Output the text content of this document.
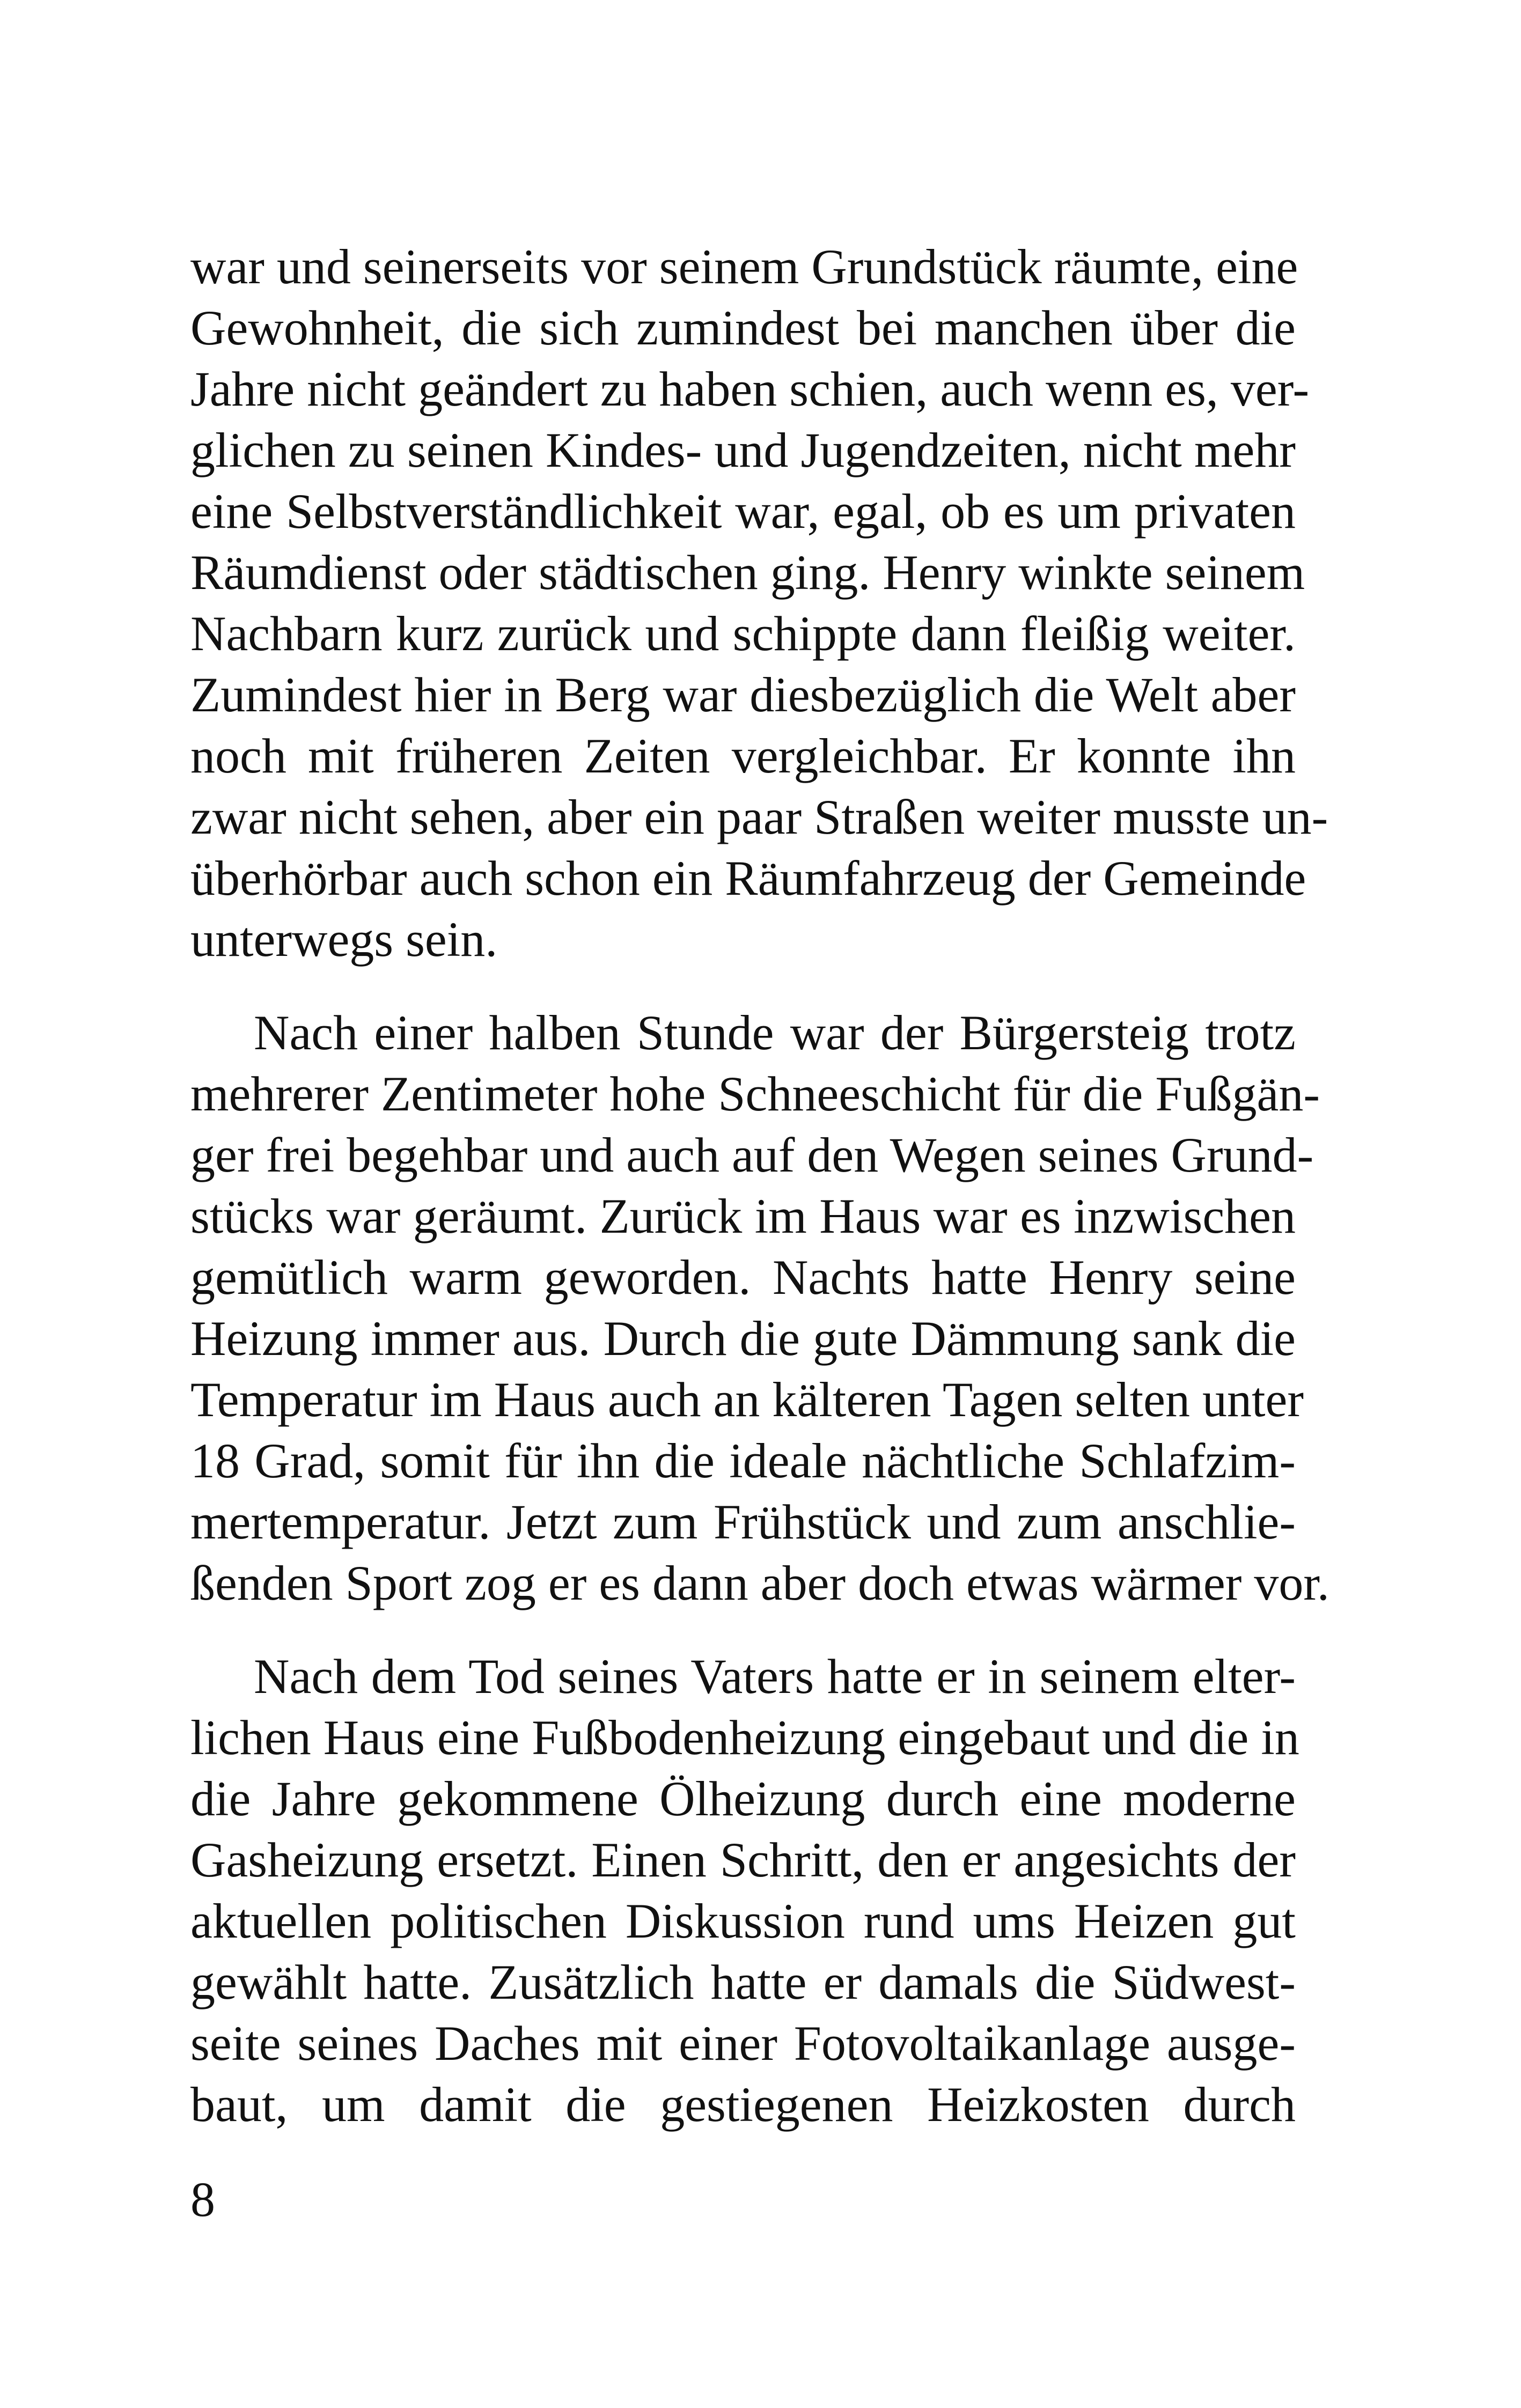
war und seinerseits vor seinem Grundstück räumte, eine
Gewohnheit, die sich zumindest bei manchen über die
Jahre nicht geändert zu haben schien, auch wenn es, ver-
glichen zu seinen Kindes- und Jugendzeiten, nicht mehr
eine Selbstverständlichkeit war, egal, ob es um privaten
Räumdienst oder städtischen ging. Henry winkte seinem
Nachbarn kurz zurück und schippte dann fleißig weiter.
Zumindest hier in Berg war diesbezüglich die Welt aber
noch mit früheren Zeiten vergleichbar. Er konnte ihn
zwar nicht sehen, aber ein paar Straßen weiter musste un-
überhörbar auch schon ein Räumfahrzeug der Gemeinde
unterwegs sein.
Nach einer halben Stunde war der Bürgersteig trotz
mehrerer Zentimeter hohe Schneeschicht für die Fußgän-
ger frei begehbar und auch auf den Wegen seines Grund-
stücks war geräumt. Zurück im Haus war es inzwischen
gemütlich warm geworden. Nachts hatte Henry seine
Heizung immer aus. Durch die gute Dämmung sank die
Temperatur im Haus auch an kälteren Tagen selten unter
18 Grad, somit für ihn die ideale nächtliche Schlafzim-
mertemperatur. Jetzt zum Frühstück und zum anschlie-
ßenden Sport zog er es dann aber doch etwas wärmer vor.
Nach dem Tod seines Vaters hatte er in seinem elter-
lichen Haus eine Fußbodenheizung eingebaut und die in
die Jahre gekommene Ölheizung durch eine moderne
Gasheizung ersetzt. Einen Schritt, den er angesichts der
aktuellen politischen Diskussion rund ums Heizen gut
gewählt hatte. Zusätzlich hatte er damals die Südwest-
seite seines Daches mit einer Fotovoltaikanlage ausge-
baut, um damit die gestiegenen Heizkosten durch
8
